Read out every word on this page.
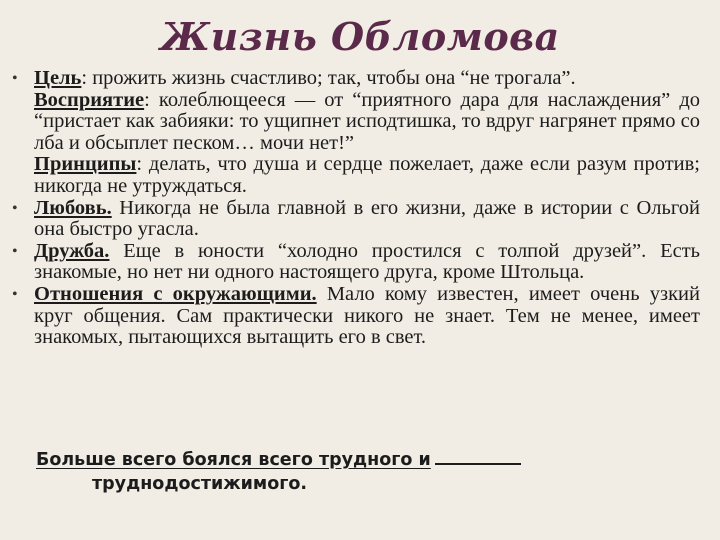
Жизнь Обломова
• Цель: прожить жизнь счастливо; так, чтобы она “не трогала”.
Восприятие: колеблющееся — от “приятного дара для наслаждения” до “пристает как забияки: то ущипнет исподтишка, то вдруг нагрянет прямо со лба и обсыплет песком… мочи нет!”
Принципы: делать, что душа и сердце пожелает, даже если разум против; никогда не утруждаться.
• Любовь. Никогда не была главной в его жизни, даже в истории с Ольгой она быстро угасла.
• Дружба. Еще в юности “холодно простился с толпой друзей”. Есть знакомые, но нет ни одного настоящего друга, кроме Штольца.
• Отношения с окружающими. Мало кому известен, имеет очень узкий круг общения. Сам практически никого не знает. Тем не менее, имеет знакомых, пытающихся вытащить его в свет.
Больше всего боялся всего трудного и
труднодостижимого.
